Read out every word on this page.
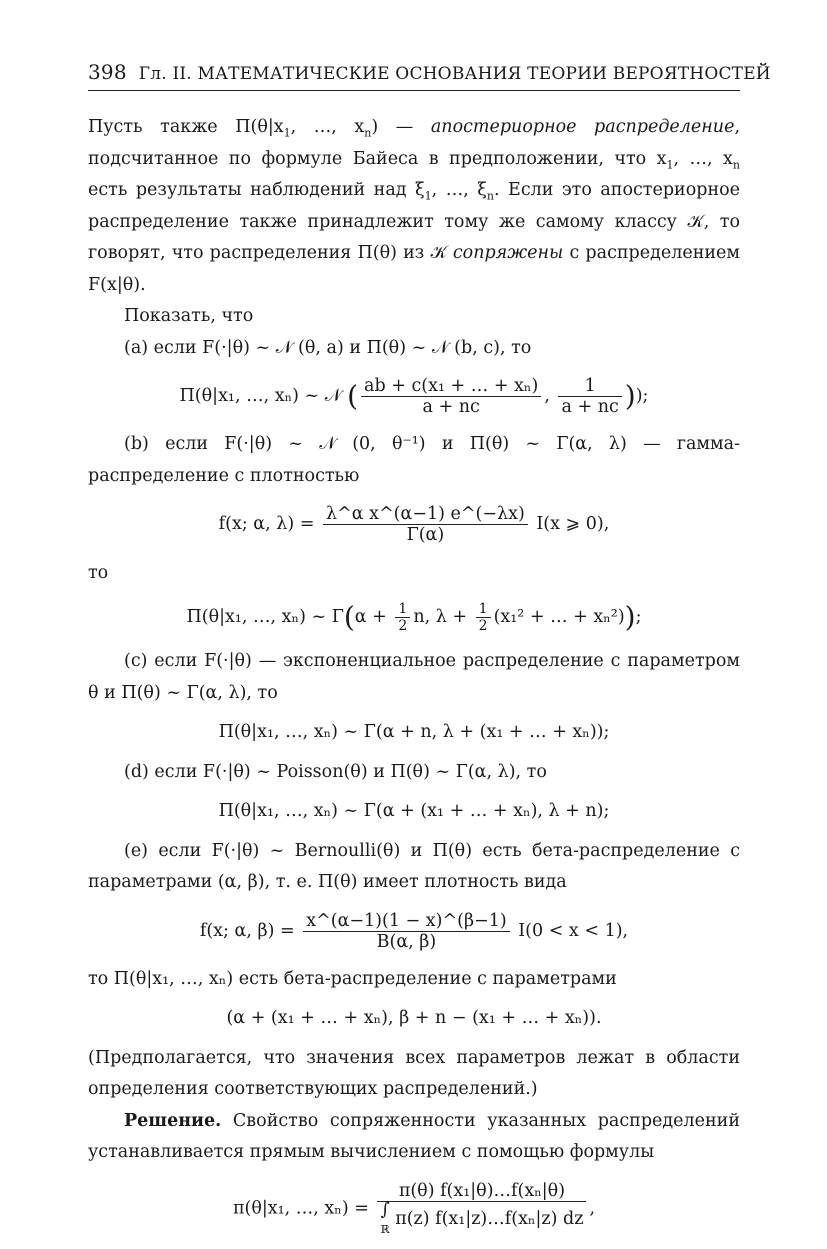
398 Гл. II. МАТЕМАТИЧЕСКИЕ ОСНОВАНИЯ ТЕОРИИ ВЕРОЯТНОСТЕЙ

Пусть также $\Pi(\theta|x_1$, …, $x_n$) — апостериорное распределение, подсчитанное по формуле Байеса в предположении, что $x_1$, …, $x_n$ есть результаты наблюдений над $\xi_1$, …, $\xi_n$. Если это апостериорное распределение также принадлежит тому же самому классу 𝒦, то говорят, что распределения Π(θ) из 𝒦 сопряжены с распределением F(x|θ).

Показать, что

(a) если F(·|θ) ~ 𝒩 (θ, a) и Π(θ) ~ 𝒩 (b, c), то

Π(θ|x₁, …, xₙ) ~ 𝒩 ( $\frac{\text{ab + c(x₁ + … + xₙ)}}{a + nc}$ , $\frac{1}{a + nc}$ ));

(b) если F(·|θ) ~ 𝒩 (0, θ⁻¹) и Π(θ) ~ Γ(α, λ) — гамма-распределение с плотностью

f(x; α, $\lambda) = \frac{\text{λ\textasciicircum{}α x\textasciicircum{}(α−1) e\textasciicircum{}(−λx)}}{\Gamma(\alpha)} I(x$ ⩾ 0),

то

Π(θ|x₁, …, xₙ) ~ $\Gamma(\alpha + \frac{1}{2} n$, $\lambda + \frac{1}{2} (x_1^2$ + … + xₙ²));

(c) если F(·|θ) — экспоненциальное распределение с параметром θ и Π(θ) ~ Γ(α, λ), то

Π(θ|x₁, …, xₙ) ~ Γ(α + n, λ + (x₁ + … + xₙ));

(d) если F(·|θ) ~ Poisson(θ) и Π(θ) ~ Γ(α, λ), то

Π(θ|x₁, …, xₙ) ~ Γ(α + (x₁ + … + xₙ), λ + n);

(e) если F(·|θ) ~ Bernoulli(θ) и Π(θ) есть бета-распределение с параметрами (α, β), т. е. Π(θ) имеет плотность вида

f(x; α, $\beta) = \frac{x\^{}(\alpha-1)(1 - x)\^{}(\beta-1)}{B(\alpha, \beta)} I(0 < x < 1)$,

то Π(θ|x₁, …, xₙ) есть бета-распределение с параметрами

(α + (x₁ + … + xₙ), β + n − (x₁ + … + xₙ)).

(Предполагается, что значения всех параметров лежат в области определения соответствующих распределений.)

Решение. Свойство сопряженности указанных распределений устанавливается прямым вычислением с помощью формулы

π(θ|x₁, …, xₙ) =
π(θ) f(x₁|θ)…f(xₙ|θ)
∫
ℝ π(z) f(x₁|z)…f(xₙ|z) dz
,
